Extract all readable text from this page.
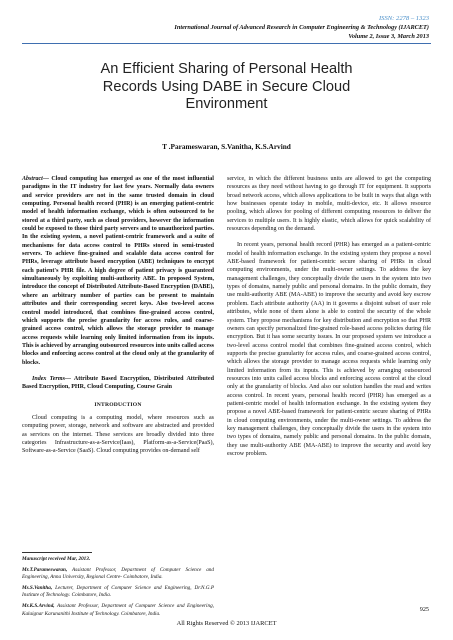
ISSN: 2278 – 1323
International Journal of Advanced Research in Computer Engineering & Technology (IJARCET)
Volume 2, Issue 3, March 2013
An Efficient Sharing of Personal Health
Records Using DABE in Secure Cloud
Environment
T .Parameswaran, S.Vanitha, K.S.Arvind

Abstract— Cloud computing has emerged as one of the most influential paradigms in the IT industry for last few years. Normally data owners and service providers are not in the same trusted domain in cloud computing. Personal health record (PHR) is an emerging patient-centric model of health information exchange, which is often outsourced to be stored at a third party, such as cloud providers, however the information could be exposed to those third party servers and to unauthorized parties. In the existing system, a novel patient-centric framework and a suite of mechanisms for data access control to PHRs stored in semi-trusted servers. To achieve fine-grained and scalable data access control for PHRs, leverage attribute based encryption (ABE) techniques to encrypt each patient's PHR file. A high degree of patient privacy is guaranteed simultaneously by exploiting multi-authority ABE. In proposed System, introduce the concept of Distributed Attribute-Based Encryption (DABE), where an arbitrary number of parties can be present to maintain attributes and their corresponding secret keys. Also two-level access control model introduced, that combines fine-grained access control, which supports the precise granularity for access rules, and coarse-grained access control, which allows the storage provider to manage access requests while learning only limited information from its inputs. This is achieved by arranging outsourced resources into units called access blocks and enforcing access control at the cloud only at the granularity of blocks.

Index Terms— Attribute Based Encryption, Distributed Attributed Based Encryption, PHR, Cloud Computing, Course Grain

INTRODUCTION

Cloud computing is a computing model, where resources such as computing power, storage, network and software are abstracted and provided as services on the internet. These services are broadly divided into three categories Infrastructure-as-a-Service(Iaas), Platform-as-a-Service(PaaS), Software-as-a-Service (SaaS). Cloud computing provides on-demand self

Manuscript received Mar, 2013.

Mr.T.Parameswaran, Assistant Professor, Department of Computer Science and Engineering, Anna University, Regional Centre- Coimbatore, India.

Ms.S.Vanitha, Lecturer, Department of Computer Science and Engineering, Dr.N.G.P Institute of Technology. Coimbatore, India.

Mr.K.S.Arvind, Assistant Professor, Department of Computer Science and Engineering, Kalaignar Karunanithi Institute of Technology. Coimbatore, India.

service, in which the different business units are allowed to get the computing resources as they need without having to go through IT for equipment. It supports broad network access, which allows applications to be built in ways that align with how businesses operate today in mobile, multi-device, etc. It allows resource pooling, which allows for pooling of different computing resources to deliver the services to multiple users. It is highly elastic, which allows for quick scalability of resources depending on the demand.

In recent years, personal health record (PHR) has emerged as a patient-centric model of health information exchange. In the existing system they propose a novel ABE-based framework for patient-centric secure sharing of PHRs in cloud computing environments, under the multi-owner settings. To address the key management challenges, they conceptually divide the users in the system into two types of domains, namely public and personal domains. In the public domain, they use multi-authority ABE (MA-ABE) to improve the security and avoid key escrow problem. Each attribute authority (AA) in it governs a disjoint subset of user role attributes, while none of them alone is able to control the security of the whole system. They propose mechanisms for key distribution and encryption so that PHR owners can specify personalized fine-grained role-based access policies during file encryption. But it has some security issues. In our proposed system we introduce a two-level access control model that combines fine-grained access control, which supports the precise granularity for access rules, and coarse-grained access control, which allows the storage provider to manage access requests while learning only limited information from its inputs. This is achieved by arranging outsourced resources into units called access blocks and enforcing access control at the cloud only at the granularity of blocks. And also our solution handles the read and writes access control. In recent years, personal health record (PHR) has emerged as a patient-centric model of health information exchange. In the existing system they propose a novel ABE-based framework for patient-centric secure sharing of PHRs in cloud computing environments, under the multi-owner settings. To address the key management challenges, they conceptually divide the users in the system into two types of domains, namely public and personal domains. In the public domain, they use multi-authority ABE (MA-ABE) to improve the security and avoid key escrow problem.

925
All Rights Reserved © 2013 IJARCET
